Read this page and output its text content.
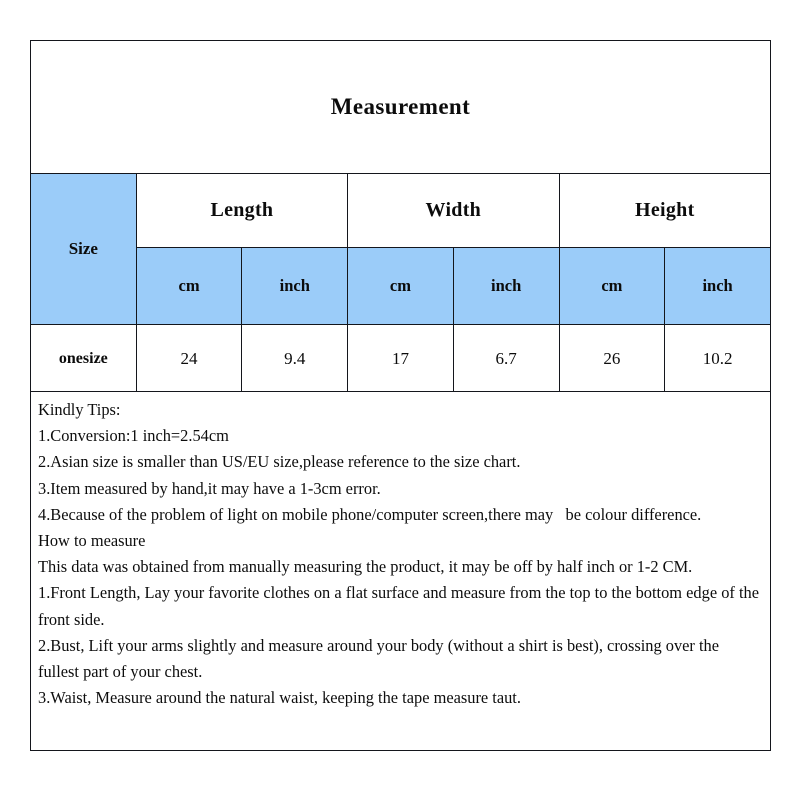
Measurement						
Size	Length		Width		Height	
	cm	inch	cm	inch	cm	inch
onesize	24	9.4	17	6.7	26	10.2
Kindly Tips:
1.Conversion:1 inch=2.54cm
2.Asian size is smaller than US/EU size,please reference to the size chart.
3.Item measured by hand,it may have a 1-3cm error.
4.Because of the problem of light on mobile phone/computer screen,there may   be colour difference.
How to measure
This data was obtained from manually measuring the product, it may be off by half inch or 1-2 CM.
1.Front Length, Lay your favorite clothes on a flat surface and measure from the top to the bottom edge of the front side.
2.Bust, Lift your arms slightly and measure around your body (without a shirt is best), crossing over the fullest part of your chest.
3.Waist, Measure around the natural waist, keeping the tape measure taut.
